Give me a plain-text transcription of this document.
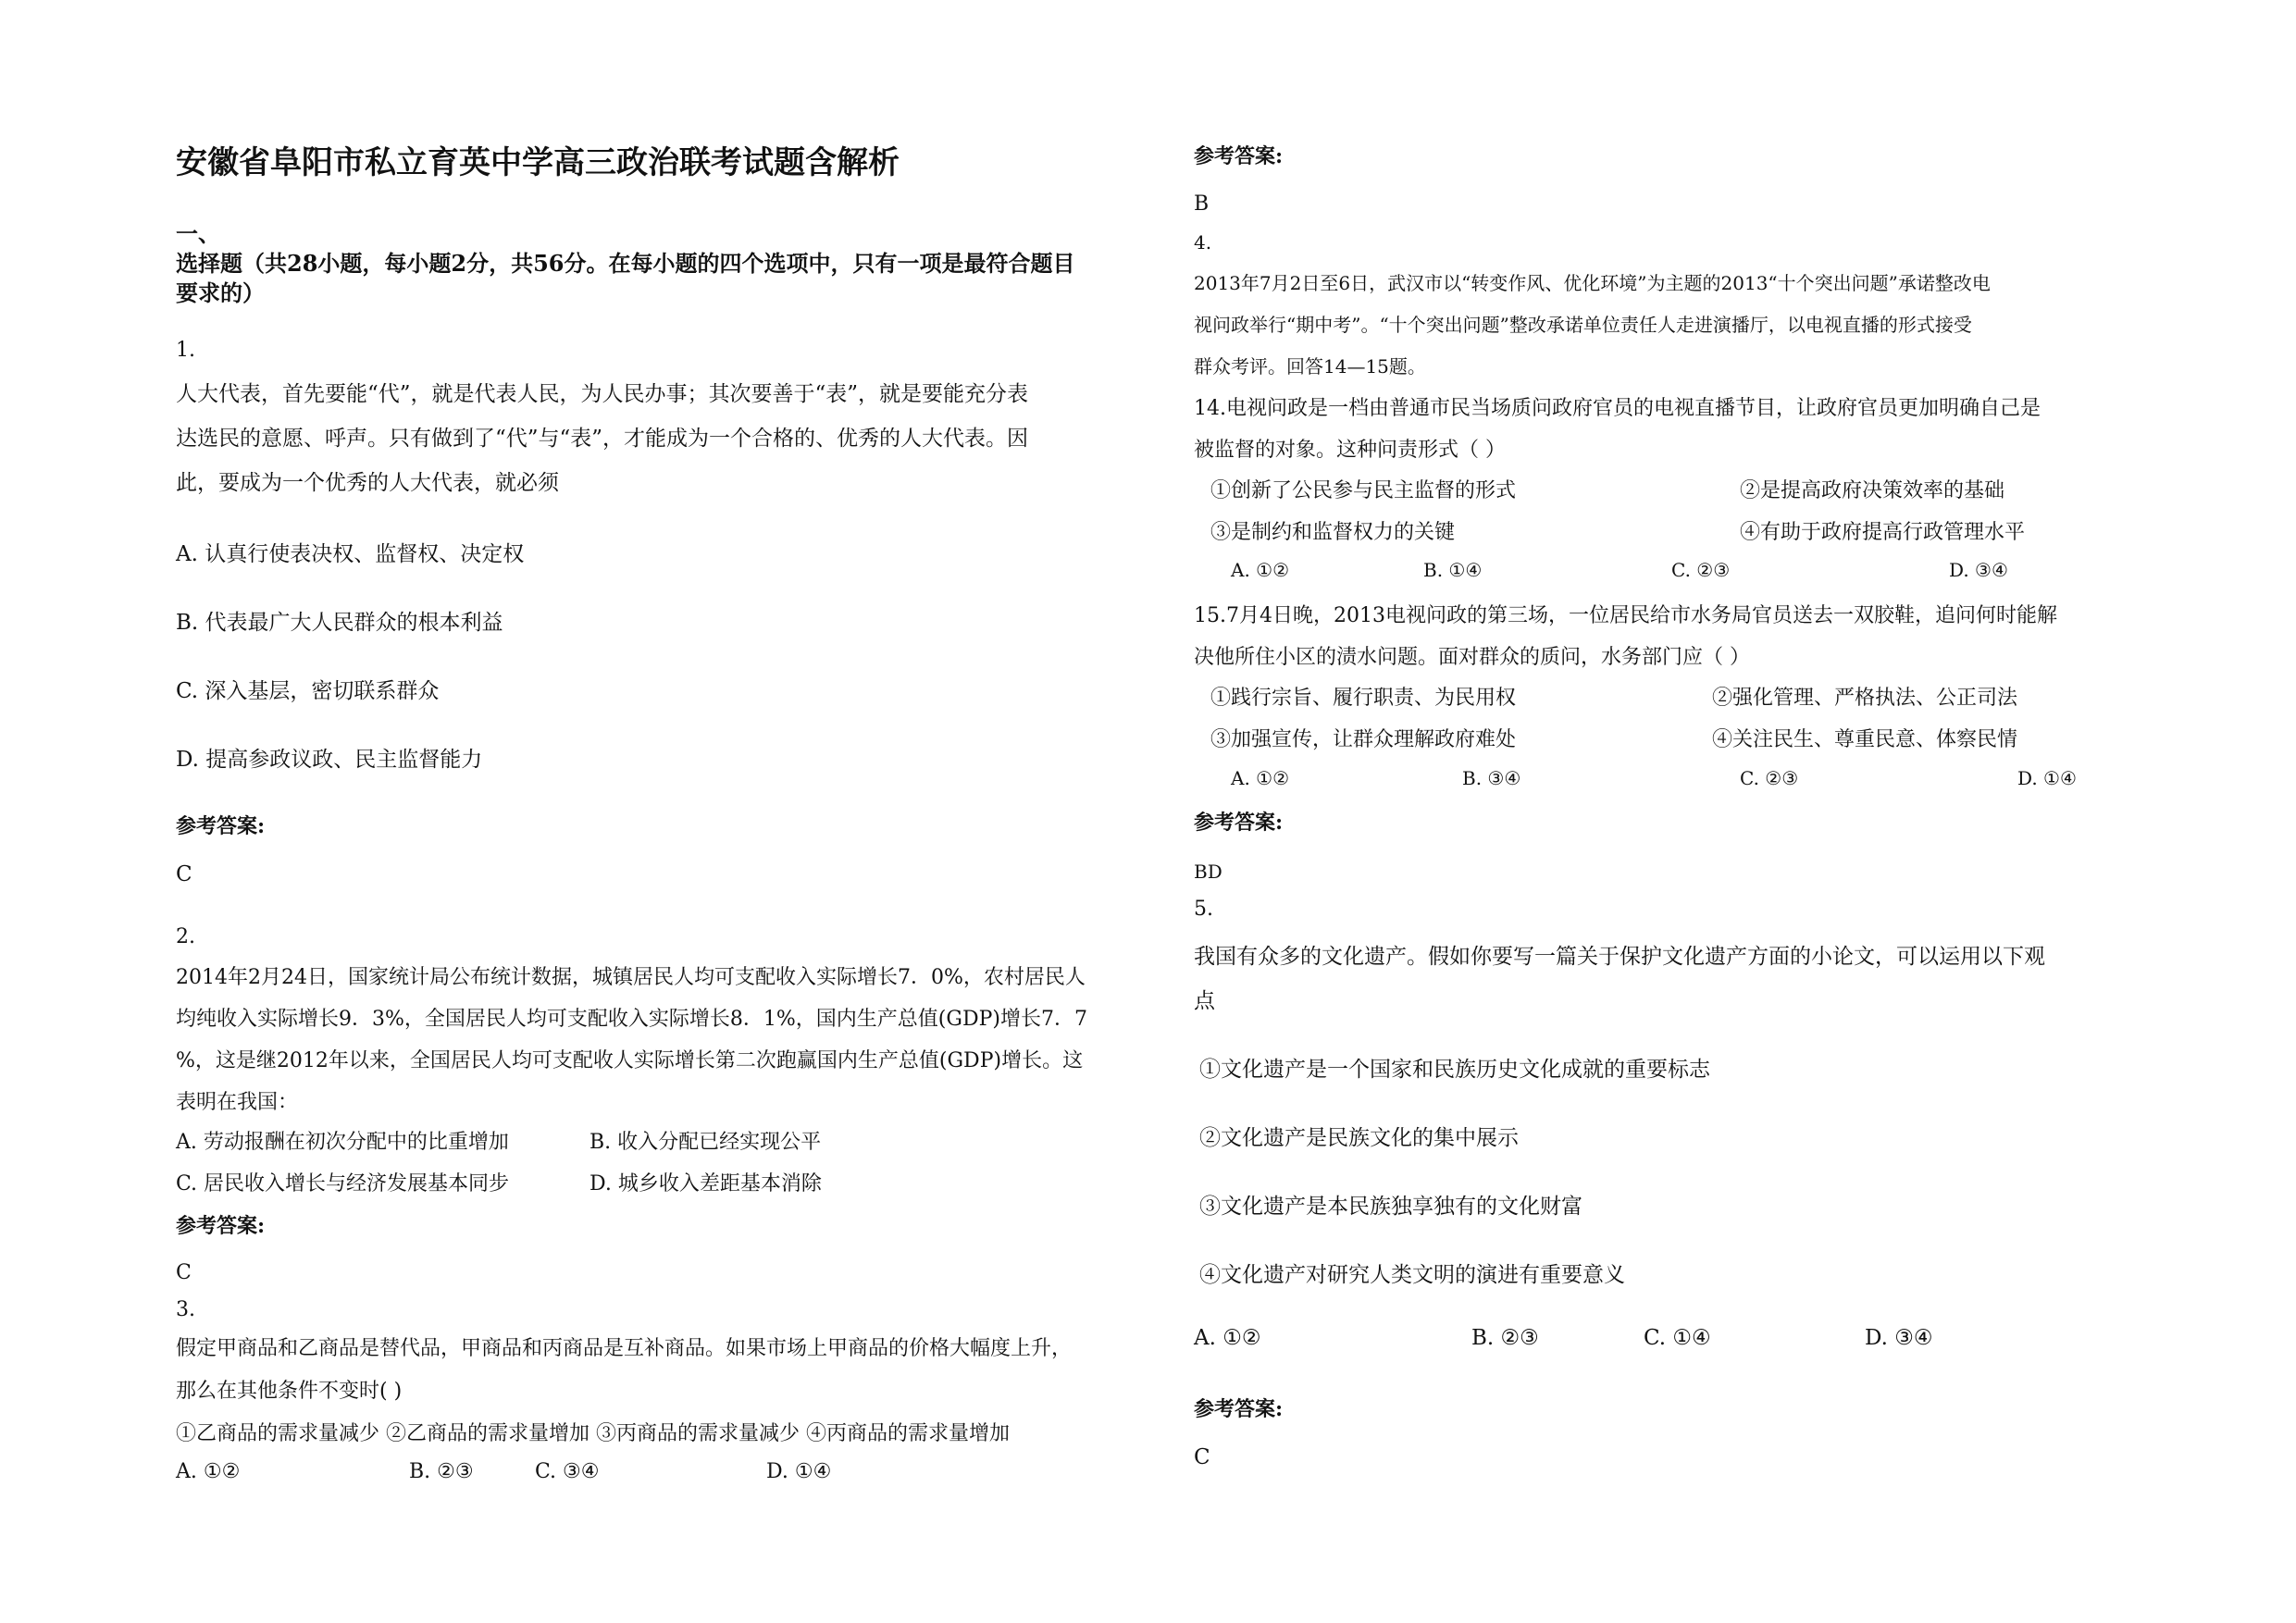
安徽省阜阳市私立育英中学高三政治联考试题含解析
一、
选择题（共28小题，每小题2分，共56分。在每小题的四个选项中，只有一项是最符合题目
要求的）
1.
人大代表，首先要能“代”，就是代表人民，为人民办事；其次要善于“表”，就是要能充分表
达选民的意愿、呼声。只有做到了“代”与“表”，才能成为一个合格的、优秀的人大代表。因
此，要成为一个优秀的人大代表，就必须
A. 认真行使表决权、监督权、决定权
B. 代表最广大人民群众的根本利益
C. 深入基层，密切联系群众
D. 提高参政议政、民主监督能力
参考答案:
C
2.
2014年2月24日，国家统计局公布统计数据，城镇居民人均可支配收入实际增长7．0%，农村居民人
均纯收入实际增长9．3%，全国居民人均可支配收入实际增长8．1%，国内生产总值(GDP)增长7．7
%，这是继2012年以来，全国居民人均可支配收人实际增长第二次跑赢国内生产总值(GDP)增长。这
表明在我国：
A. 劳动报酬在初次分配中的比重增加	B. 收入分配已经实现公平
C. 居民收入增长与经济发展基本同步	D. 城乡收入差距基本消除
参考答案:
C
3.
假定甲商品和乙商品是替代品，甲商品和丙商品是互补商品。如果市场上甲商品的价格大幅度上升，
那么在其他条件不变时( )
①乙商品的需求量减少 ②乙商品的需求量增加 ③丙商品的需求量减少 ④丙商品的需求量增加
A. ①②	B. ②③	C. ③④	D. ①④
参考答案:
B
4.
2013年7月2日至6日，武汉市以“转变作风、优化环境”为主题的2013“十个突出问题”承诺整改电
视问政举行“期中考”。“十个突出问题”整改承诺单位责任人走进演播厅，以电视直播的形式接受
群众考评。回答14—15题。
14.电视问政是一档由普通市民当场质问政府官员的电视直播节目，让政府官员更加明确自己是
被监督的对象。这种问责形式（ ）
①创新了公民参与民主监督的形式	②是提高政府决策效率的基础
③是制约和监督权力的关键	④有助于政府提高行政管理水平
A. ①②	B. ①④	C. ②③	D. ③④
15.7月4日晚，2013电视问政的第三场，一位居民给市水务局官员送去一双胶鞋，追问何时能解
决他所住小区的渍水问题。面对群众的质问，水务部门应（ ）
①践行宗旨、履行职责、为民用权	②强化管理、严格执法、公正司法
③加强宣传，让群众理解政府难处	④关注民生、尊重民意、体察民情
A. ①②	B. ③④	C. ②③	D. ①④
参考答案:
BD
5.
我国有众多的文化遗产。假如你要写一篇关于保护文化遗产方面的小论文，可以运用以下观
点
①文化遗产是一个国家和民族历史文化成就的重要标志
②文化遗产是民族文化的集中展示
③文化遗产是本民族独享独有的文化财富
④文化遗产对研究人类文明的演进有重要意义
A. ①②	B. ②③	C. ①④	D. ③④
参考答案:
C
